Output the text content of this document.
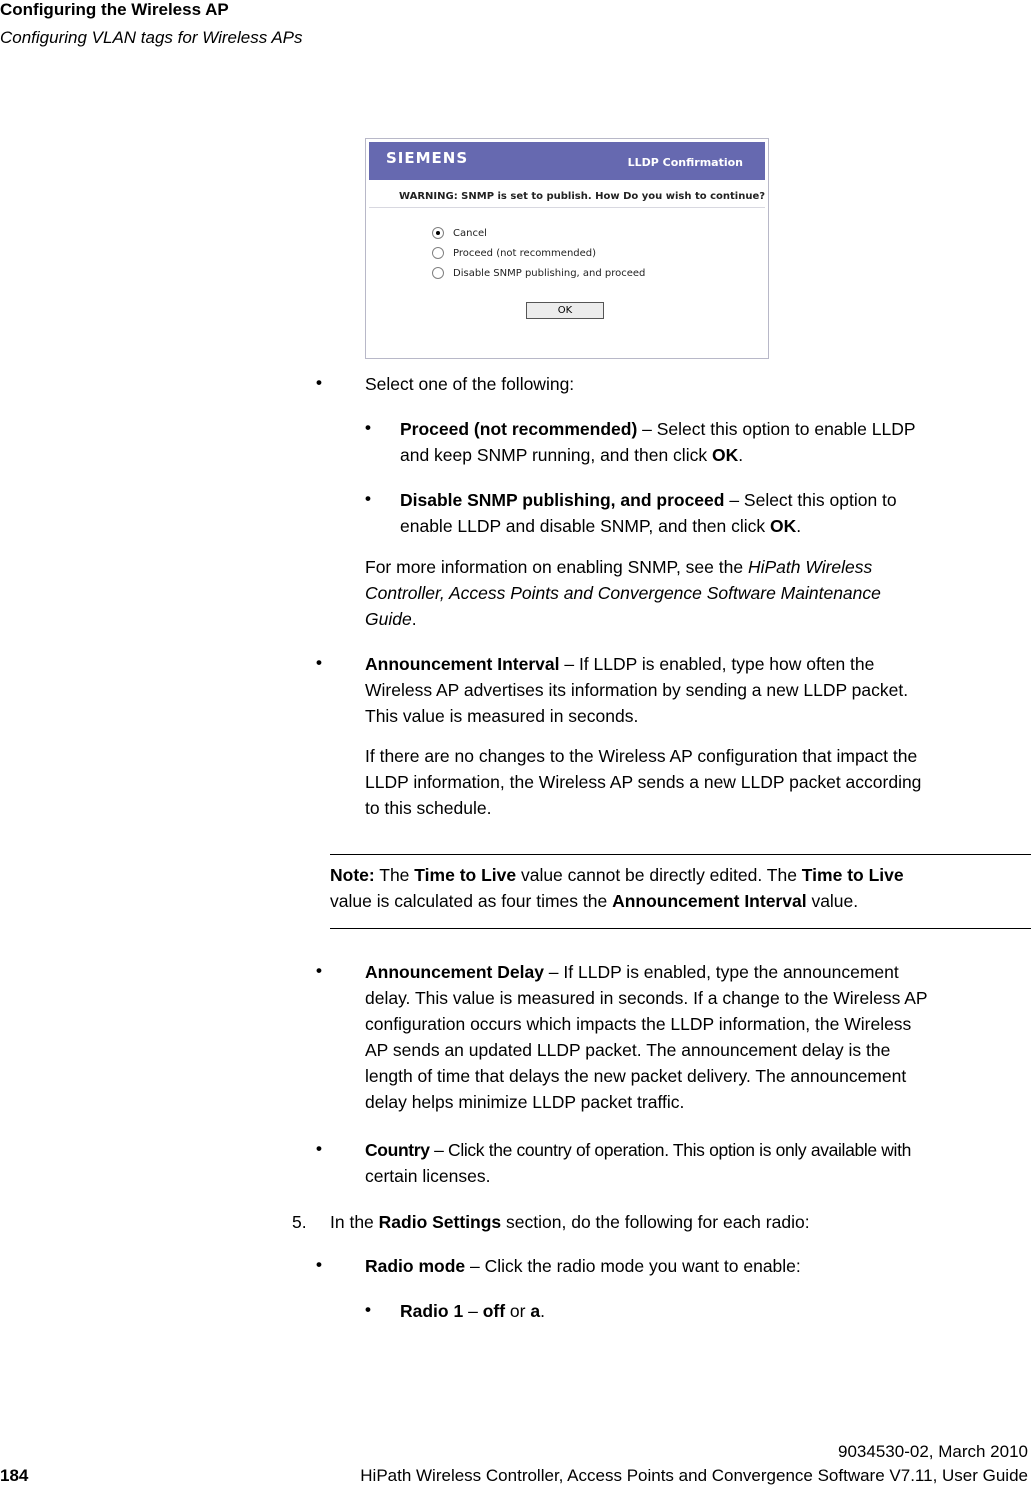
Configuring the Wireless AP
Configuring VLAN tags for Wireless APs
SIEMENS	LLDP Confirmation
WARNING: SNMP is set to publish. How Do you wish to continue?
Cancel
Proceed (not recommended)
Disable SNMP publishing, and proceed
OK
• Select one of the following:
• Proceed (not recommended) – Select this option to enable LLDP
and keep SNMP running, and then click OK.
• Disable SNMP publishing, and proceed – Select this option to
enable LLDP and disable SNMP, and then click OK.
For more information on enabling SNMP, see the HiPath Wireless
Controller, Access Points and Convergence Software Maintenance
Guide.
• Announcement Interval – If LLDP is enabled, type how often the
Wireless AP advertises its information by sending a new LLDP packet.
This value is measured in seconds.
If there are no changes to the Wireless AP configuration that impact the
LLDP information, the Wireless AP sends a new LLDP packet according
to this schedule.
Note: The Time to Live value cannot be directly edited. The Time to Live
value is calculated as four times the Announcement Interval value.
• Announcement Delay – If LLDP is enabled, type the announcement
delay. This value is measured in seconds. If a change to the Wireless AP
configuration occurs which impacts the LLDP information, the Wireless
AP sends an updated LLDP packet. The announcement delay is the
length of time that delays the new packet delivery. The announcement
delay helps minimize LLDP packet traffic.
• Country – Click the country of operation. This option is only available with
certain licenses.
5. In the Radio Settings section, do the following for each radio:
• Radio mode – Click the radio mode you want to enable:
• Radio 1 – off or a.
9034530-02, March 2010
184	HiPath Wireless Controller, Access Points and Convergence Software V7.11, User Guide
